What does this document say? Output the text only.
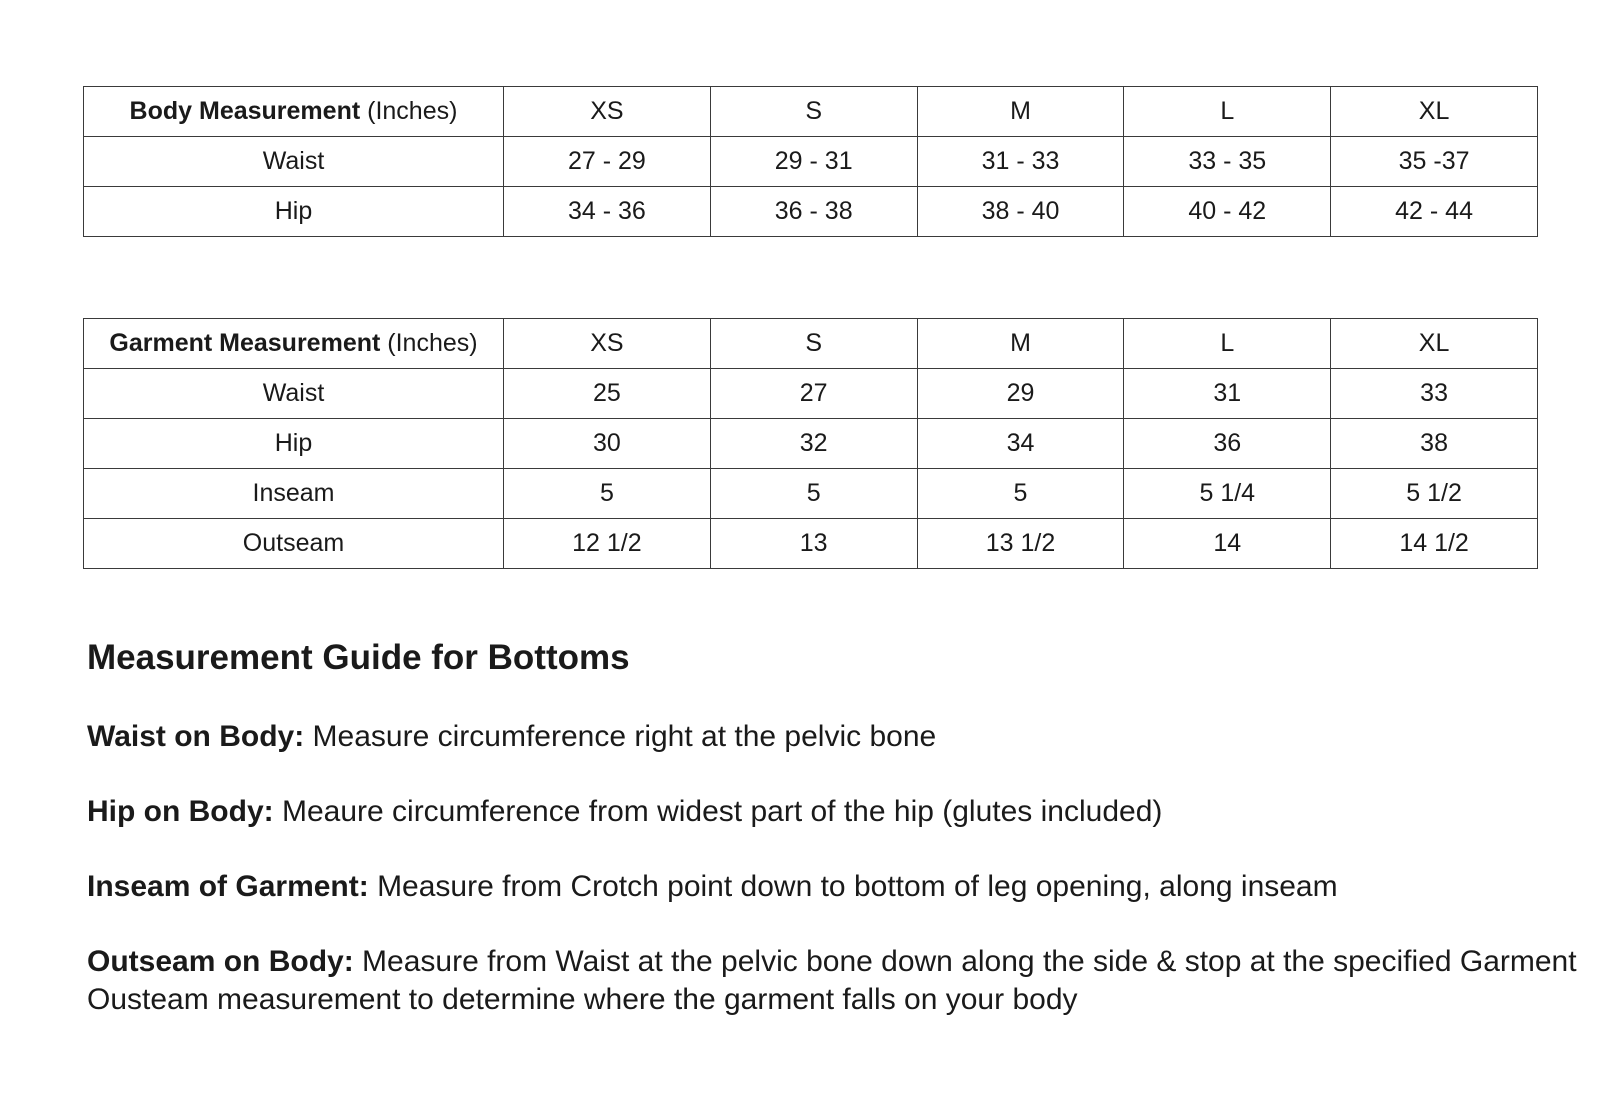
Body Measurement (Inches)	XS	S	M	L	XL
Waist	27 - 29	29 - 31	31 - 33	33 - 35	35 -37
Hip	34 - 36	36 - 38	38 - 40	40 - 42	42 - 44
Garment Measurement (Inches)	XS	S	M	L	XL
Waist	25	27	29	31	33
Hip	30	32	34	36	38
Inseam	5	5	5	5 1/4	5 1/2
Outseam	12 1/2	13	13 1/2	14	14 1/2
Measurement Guide for Bottoms

Waist on Body: Measure circumference right at the pelvic bone

Hip on Body: Meaure circumference from widest part of the hip (glutes included)

Inseam of Garment: Measure from Crotch point down to bottom of leg opening, along inseam

Outseam on Body: Measure from Waist at the pelvic bone down along the side & stop at the specified Garment Ousteam measurement to determine where the garment falls on your body
